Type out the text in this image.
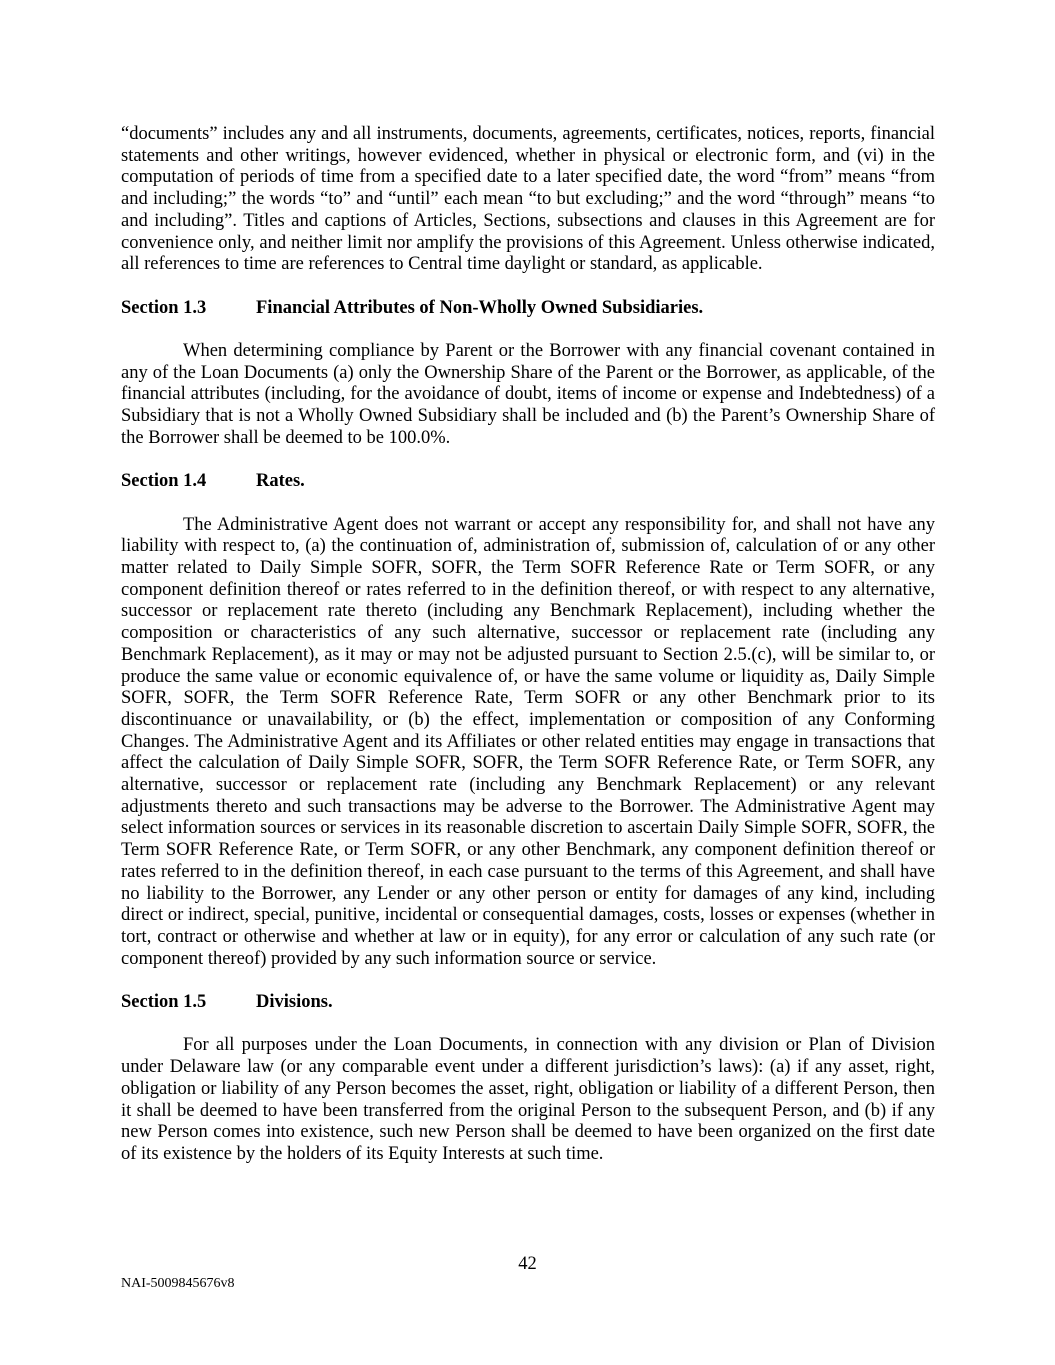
“documents” includes any and all instruments, documents, agreements, certificates, notices, reports, financial statements and other writings, however evidenced, whether in physical or electronic form, and (vi) in the computation of periods of time from a specified date to a later specified date, the word “from” means “from and including;” the words “to” and “until” each mean “to but excluding;” and the word “through” means “to and including”. Titles and captions of Articles, Sections, subsections and clauses in this Agreement are for convenience only, and neither limit nor amplify the provisions of this Agreement. Unless otherwise indicated, all references to time are references to Central time daylight or standard, as applicable.

Section 1.3	Financial Attributes of Non-Wholly Owned Subsidiaries.

When determining compliance by Parent or the Borrower with any financial covenant contained in any of the Loan Documents (a) only the Ownership Share of the Parent or the Borrower, as applicable, of the financial attributes (including, for the avoidance of doubt, items of income or expense and Indebtedness) of a Subsidiary that is not a Wholly Owned Subsidiary shall be included and (b) the Parent’s Ownership Share of the Borrower shall be deemed to be 100.0%.

Section 1.4	Rates.

The Administrative Agent does not warrant or accept any responsibility for, and shall not have any liability with respect to, (a) the continuation of, administration of, submission of, calculation of or any other matter related to Daily Simple SOFR, SOFR, the Term SOFR Reference Rate or Term SOFR, or any component definition thereof or rates referred to in the definition thereof, or with respect to any alternative, successor or replacement rate thereto (including any Benchmark Replacement), including whether the composition or characteristics of any such alternative, successor or replacement rate (including any Benchmark Replacement), as it may or may not be adjusted pursuant to Section 2.5.(c), will be similar to, or produce the same value or economic equivalence of, or have the same volume or liquidity as, Daily Simple SOFR, SOFR, the Term SOFR Reference Rate, Term SOFR or any other Benchmark prior to its discontinuance or unavailability, or (b) the effect, implementation or composition of any Conforming Changes. The Administrative Agent and its Affiliates or other related entities may engage in transactions that affect the calculation of Daily Simple SOFR, SOFR, the Term SOFR Reference Rate, or Term SOFR, any alternative, successor or replacement rate (including any Benchmark Replacement) or any relevant adjustments thereto and such transactions may be adverse to the Borrower. The Administrative Agent may select information sources or services in its reasonable discretion to ascertain Daily Simple SOFR, SOFR, the Term SOFR Reference Rate, or Term SOFR, or any other Benchmark, any component definition thereof or rates referred to in the definition thereof, in each case pursuant to the terms of this Agreement, and shall have no liability to the Borrower, any Lender or any other person or entity for damages of any kind, including direct or indirect, special, punitive, incidental or consequential damages, costs, losses or expenses (whether in tort, contract or otherwise and whether at law or in equity), for any error or calculation of any such rate (or component thereof) provided by any such information source or service.

Section 1.5	Divisions.

For all purposes under the Loan Documents, in connection with any division or Plan of Division under Delaware law (or any comparable event under a different jurisdiction’s laws): (a) if any asset, right, obligation or liability of any Person becomes the asset, right, obligation or liability of a different Person, then it shall be deemed to have been transferred from the original Person to the subsequent Person, and (b) if any new Person comes into existence, such new Person shall be deemed to have been organized on the first date of its existence by the holders of its Equity Interests at such time.

42
NAI-5009845676v8
